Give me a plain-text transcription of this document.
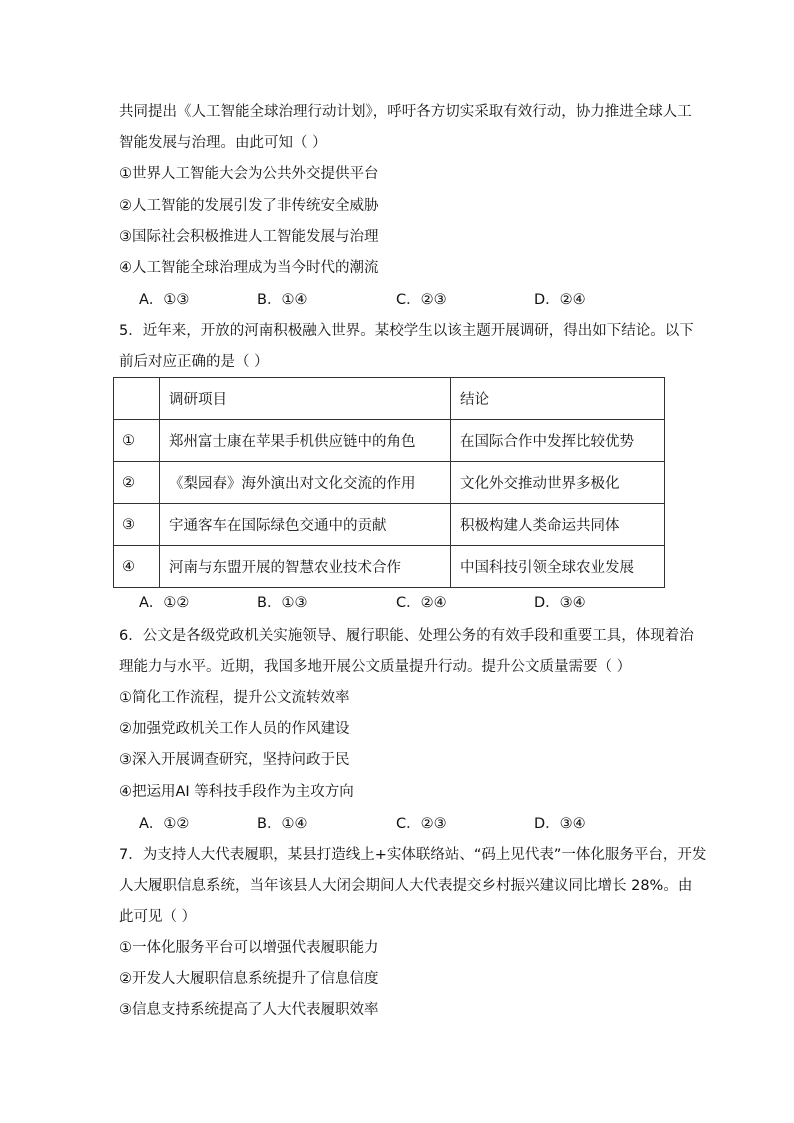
共同提出《人工智能全球治理行动计划》，呼吁各方切实采取有效行动，协力推进全球人工
智能发展与治理。由此可知（ ）
①世界人工智能大会为公共外交提供平台
②人工智能的发展引发了非传统安全威胁
③国际社会积极推进人工智能发展与治理
④人工智能全球治理成为当今时代的潮流
A．①③	B．①④	C．②③	D．②④
5．近年来，开放的河南积极融入世界。某校学生以该主题开展调研，得出如下结论。以下
前后对应正确的是（ ）
	调研项目	结论
①	郑州富士康在苹果手机供应链中的角色	在国际合作中发挥比较优势
②	《梨园春》海外演出对文化交流的作用	文化外交推动世界多极化
③	宇通客车在国际绿色交通中的贡献	积极构建人类命运共同体
④	河南与东盟开展的智慧农业技术合作	中国科技引领全球农业发展
A．①②	B．①③	C．②④	D．③④
6．公文是各级党政机关实施领导、履行职能、处理公务的有效手段和重要工具，体现着治
理能力与水平。近期，我国多地开展公文质量提升行动。提升公文质量需要（ ）
①简化工作流程，提升公文流转效率
②加强党政机关工作人员的作风建设
③深入开展调查研究，坚持问政于民
④把运用AI 等科技手段作为主攻方向
A．①②	B．①④	C．②③	D．③④
7．为支持人大代表履职，某县打造线上+实体联络站、“码上见代表”一体化服务平台，开发
人大履职信息系统，当年该县人大闭会期间人大代表提交乡村振兴建议同比增长 28%。由
此可见（ ）
①一体化服务平台可以增强代表履职能力
②开发人大履职信息系统提升了信息信度
③信息支持系统提高了人大代表履职效率
